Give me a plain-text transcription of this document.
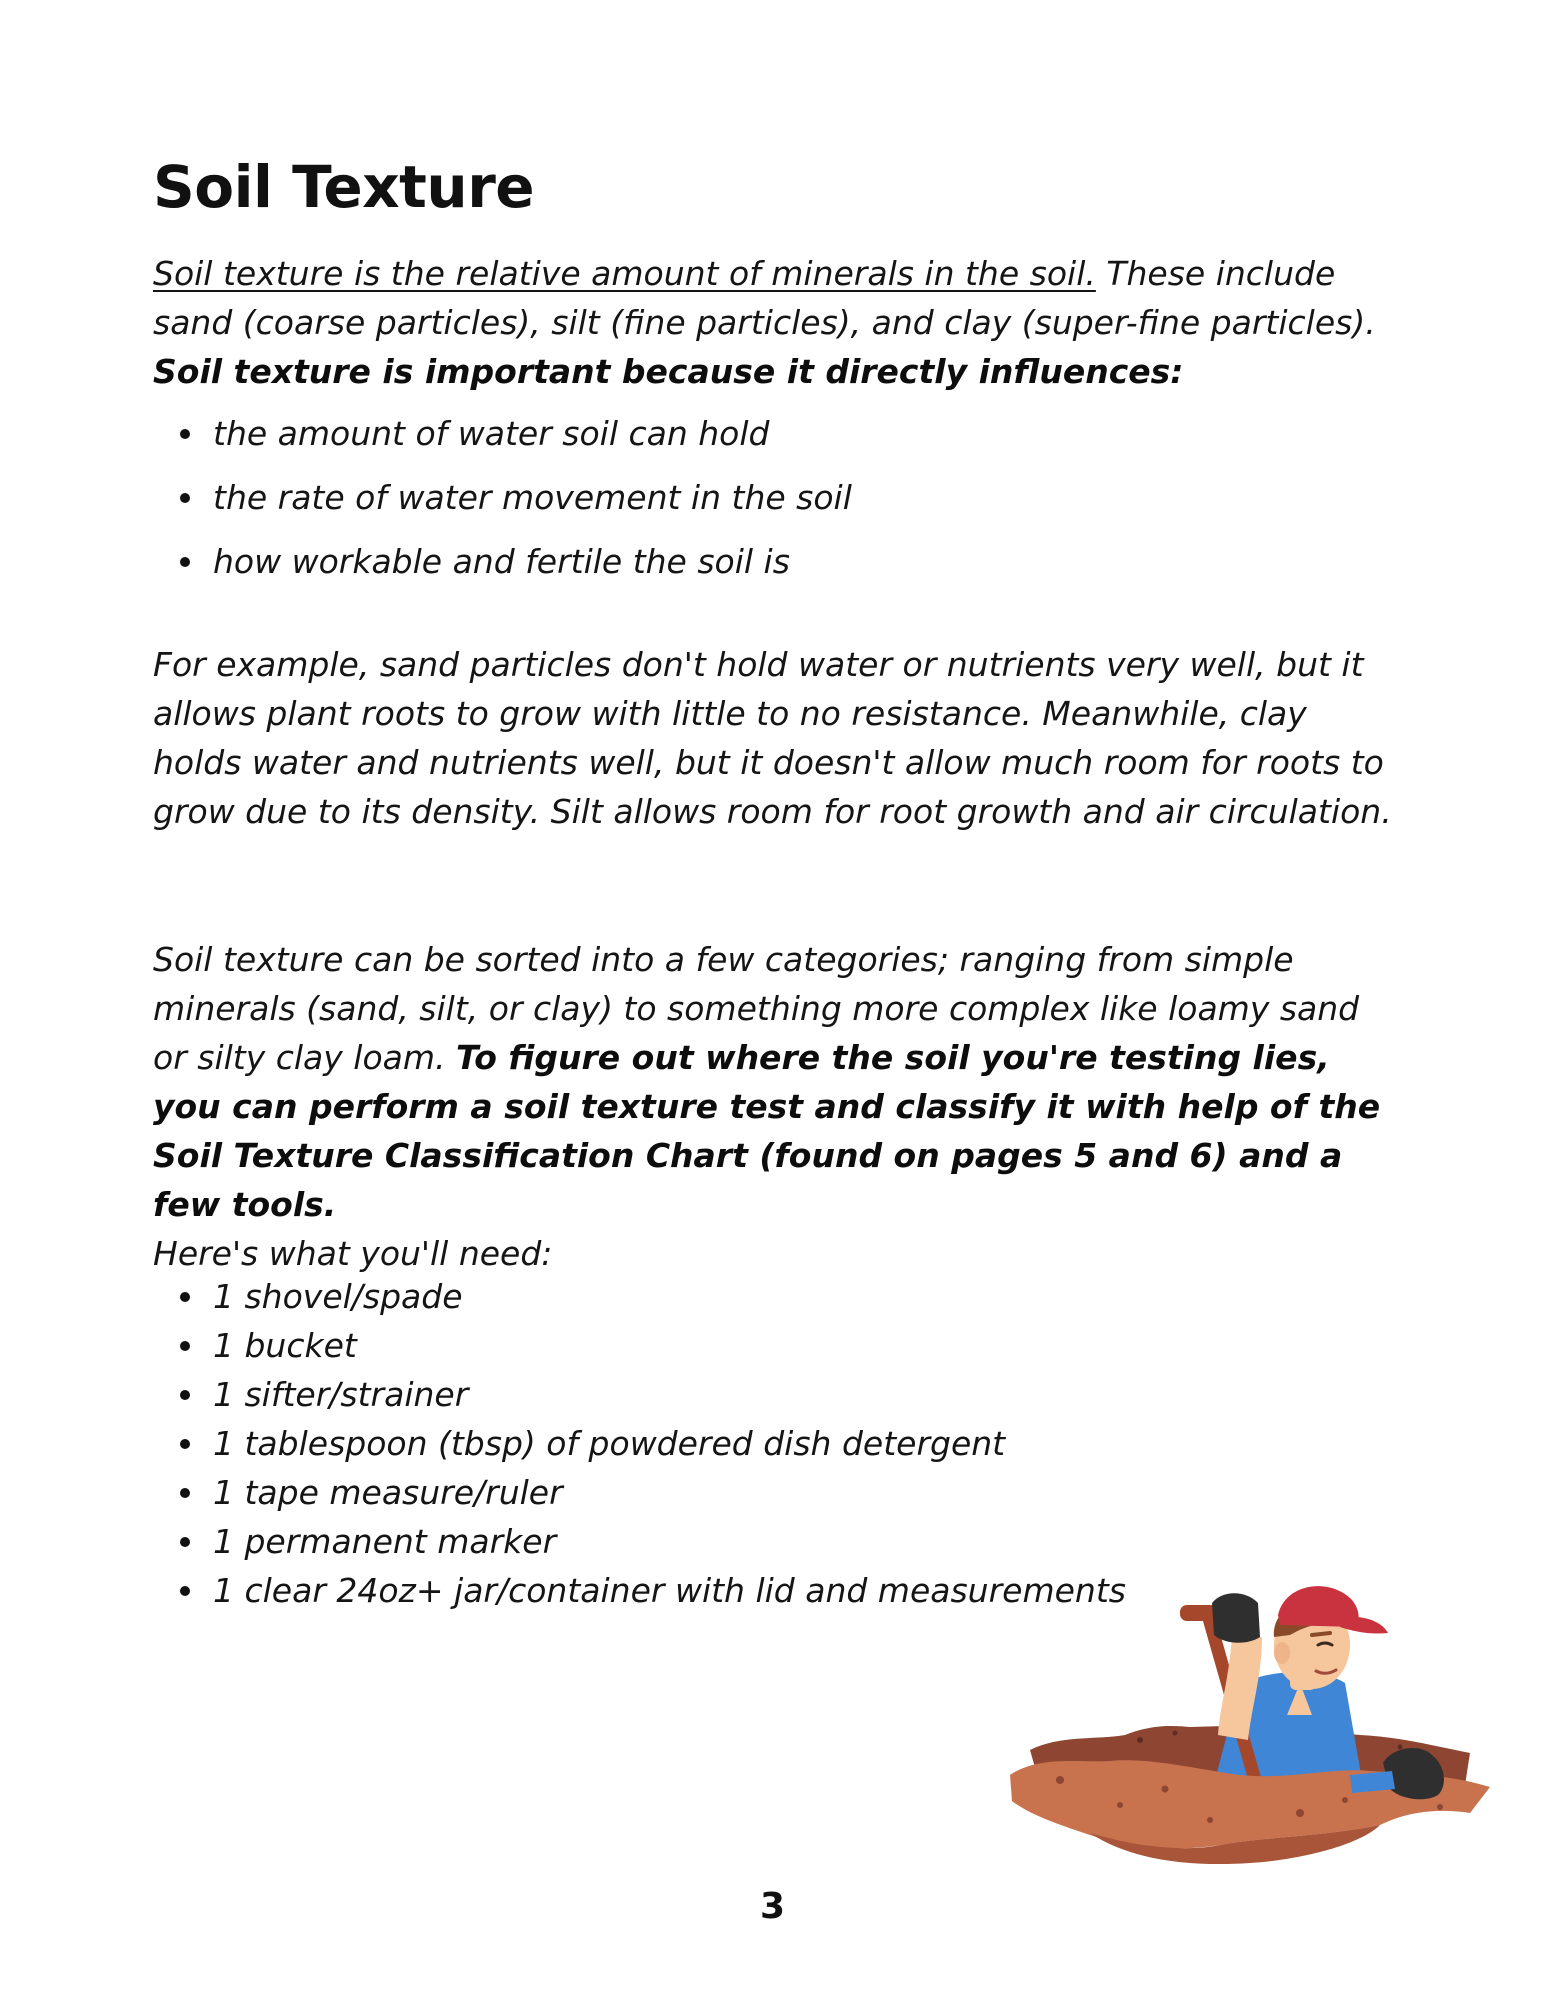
Soil Texture

Soil texture is the relative amount of minerals in the soil. These include sand (coarse particles), silt (fine particles), and clay (super-fine particles). Soil texture is important because it directly influences:

the amount of water soil can hold
the rate of water movement in the soil
how workable and fertile the soil is

For example, sand particles don't hold water or nutrients very well, but it allows plant roots to grow with little to no resistance. Meanwhile, clay holds water and nutrients well, but it doesn't allow much room for roots to grow due to its density. Silt allows room for root growth and air circulation.

Soil texture can be sorted into a few categories; ranging from simple minerals (sand, silt, or clay) to something more complex like loamy sand or silty clay loam. To figure out where the soil you're testing lies, you can perform a soil texture test and classify it with help of the Soil Texture Classification Chart (found on pages 5 and 6) and a few tools.
Here's what you'll need:

1 shovel/spade
1 bucket
1 sifter/strainer
1 tablespoon (tbsp) of powdered dish detergent
1 tape measure/ruler
1 permanent marker
1 clear 24oz+ jar/container with lid and measurements
3
